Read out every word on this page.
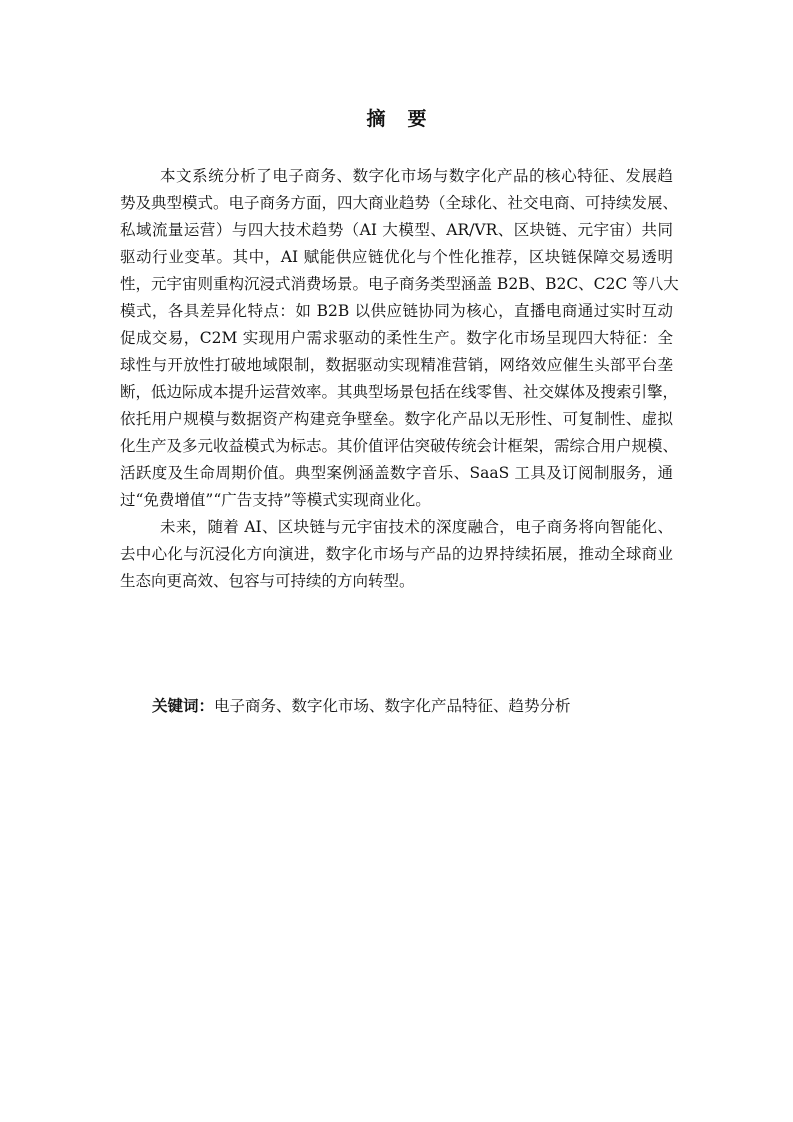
摘 要
本文系统分析了电子商务、数字化市场与数字化产品的核心特征、发展趋
势及典型模式。电子商务方面，四大商业趋势（全球化、社交电商、可持续发展、
私域流量运营）与四大技术趋势（AI 大模型、AR/VR、区块链、元宇宙）共同
驱动行业变革。其中，AI 赋能供应链优化与个性化推荐，区块链保障交易透明
性，元宇宙则重构沉浸式消费场景。电子商务类型涵盖 B2B、B2C、C2C 等八大
模式，各具差异化特点：如 B2B 以供应链协同为核心，直播电商通过实时互动
促成交易，C2M 实现用户需求驱动的柔性生产。数字化市场呈现四大特征：全
球性与开放性打破地域限制，数据驱动实现精准营销，网络效应催生头部平台垄
断，低边际成本提升运营效率。其典型场景包括在线零售、社交媒体及搜索引擎，
依托用户规模与数据资产构建竞争壁垒。数字化产品以无形性、可复制性、虚拟
化生产及多元收益模式为标志。其价值评估突破传统会计框架，需综合用户规模、
活跃度及生命周期价值。典型案例涵盖数字音乐、SaaS 工具及订阅制服务，通
过“免费增值”“广告支持”等模式实现商业化。
未来，随着 AI、区块链与元宇宙技术的深度融合，电子商务将向智能化、
去中心化与沉浸化方向演进，数字化市场与产品的边界持续拓展，推动全球商业
生态向更高效、包容与可持续的方向转型。
关键词：电子商务、数字化市场、数字化产品特征、趋势分析
